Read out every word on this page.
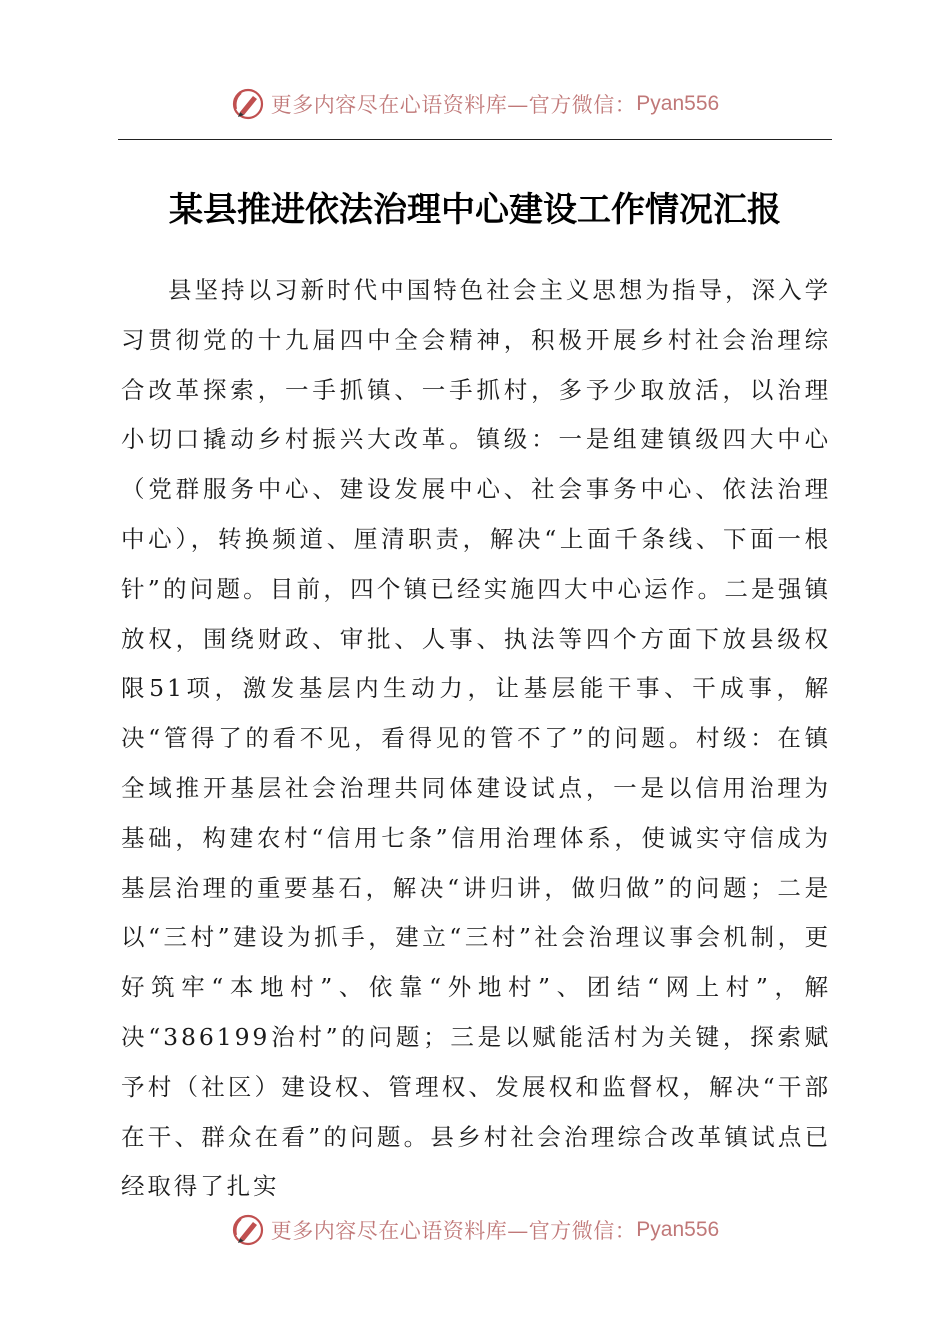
更多内容尽在心语资料库—官方微信： Pyan556
某县推进依法治理中心建设工作情况汇报

县坚持以习新时代中国特色社会主义思想为指导，深入学习贯彻党的十九届四中全会精神，积极开展乡村社会治理综合改革探索，一手抓镇、一手抓村，多予少取放活，以治理小切口撬动乡村振兴大改革。镇级：一是组建镇级四大中心（党群服务中心、建设发展中心、社会事务中心、依法治理中心），转换频道、厘清职责，解决“上面千条线、下面一根针”的问题。目前，四个镇已经实施四大中心运作。二是强镇放权，围绕财政、审批、人事、执法等四个方面下放县级权限51项，激发基层内生动力，让基层能干事、干成事，解决“管得了的看不见，看得见的管不了”的问题。村级：在镇全域推开基层社会治理共同体建设试点，一是以信用治理为基础，构建农村“信用七条”信用治理体系，使诚实守信成为基层治理的重要基石，解决“讲归讲，做归做”的问题；二是以“三村”建设为抓手，建立“三村”社会治理议事会机制，更好筑牢“本地村”、依靠“外地村”、团结“网上村”，解决“386199治村”的问题；三是以赋能活村为关键，探索赋予村（社区）建设权、管理权、发展权和监督权，解决“干部在干、群众在看”的问题。县乡村社会治理综合改革镇试点已经取得了扎实

更多内容尽在心语资料库—官方微信： Pyan556
